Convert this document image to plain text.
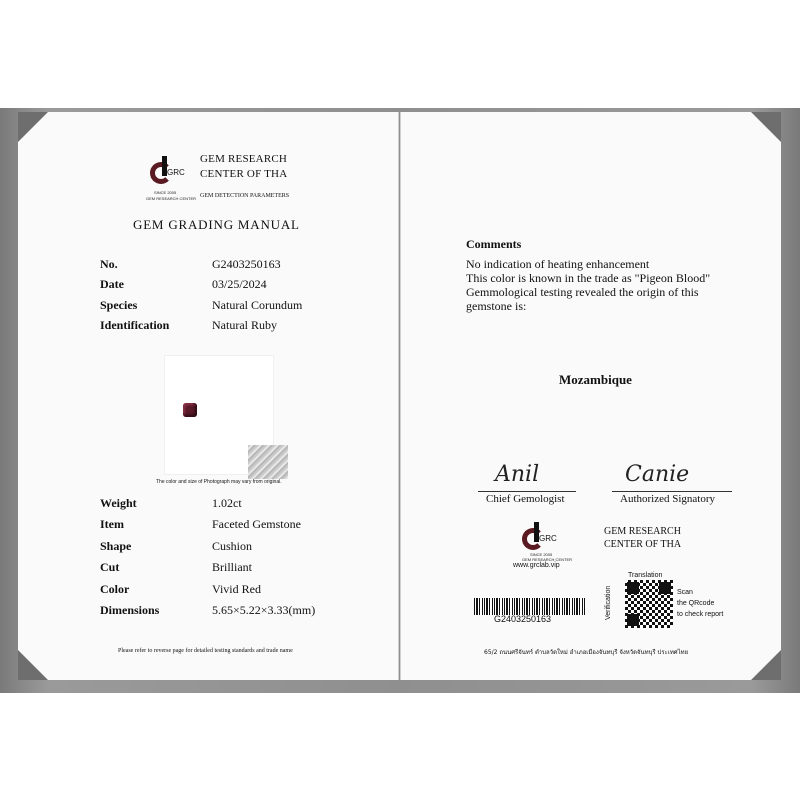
GRC
SINCE 2005
GEM RESEARCH CENTER
GEM RESEARCH
CENTER OF THA
GEM DETECTION PARAMETERS
GEM GRADING MANUAL
No.	G2403250163
Date	03/25/2024
Species	Natural Corundum
Identification	Natural Ruby
The color and size of Photograph may vary from original.
Weight	1.02ct
Item	Faceted Gemstone
Shape	Cushion
Cut	Brilliant
Color	Vivid Red
Dimensions	5.65×5.22×3.33(mm)
Please refer to reverse page for detailed testing standards and trade name
Comments
No indication of heating enhancement
This color is known in the trade as "Pigeon Blood"
Gemmological testing revealed the origin of this
gemstone is:
Mozambique
Anil	Canie
Chief Gemologist	Authorized Signatory
GRC
SINCE 2005
GEM RESEARCH CENTER
www.grclab.vip
GEM RESEARCH
CENTER OF THA
G2403250163
Translation
Verification	Scan
the QRcode
to check report
65/2 ถนนศรีจันทร์ ตำบลวัดใหม่ อำเภอเมืองจันทบุรี จังหวัดจันทบุรี ประเทศไทย
